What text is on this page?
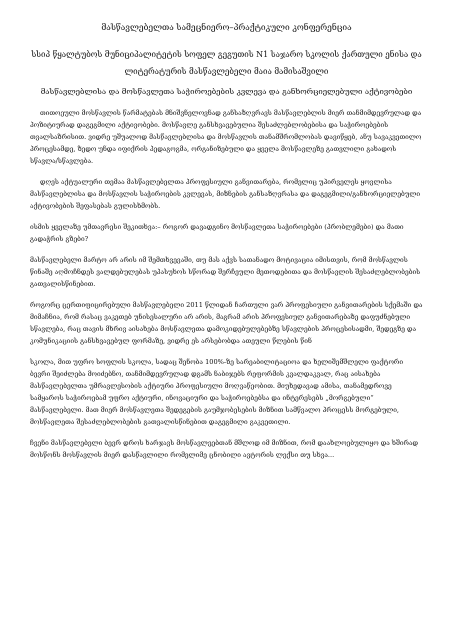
მასწავლებელთა სამეცნიერო–პრაქტიკული კონფერენცია
სსიპ წყალტუბოს მუნიციპალიტეტის სოფელ გეგუთის N1 საჯარო სკოლის ქართული ენისა და ლიტერატურის მასწავლებელი მაია მამისაშვილი
მასწავლებლისა და მოსწავლეთა საჭიროებების კვლევა და განხორციელებული აქტივობები

თითოეული მოსწავლის წარმატებას მნიშვნელოვნად განსაზღვრავს მასწავლებლის მიერ თანმიმდევრულად და პოზიტიურად დაგეგმილი აქტივობები. მოსწავლე განსხვავებულია შესაძლებლობებისა და საჭიროებების თვალსაზრისით. ვიდრე უშუალოდ მასწავლებლისა და მოსწავლის თანამშრომლობას დავიწყებ, ანუ სავაკვეთილო პროცესამდე, ზედო უნდა იფიქრის პედაგოგმა, ორგანიზებული და ყველა მოსწავლეზე გათვლილი გახადოს სწავლა/სწავლება.

დღეს აქტუალური თემაა მასწავლებელთა პროფესიული განვითარება, რომელიც უპირველეს ყოვლისა მასწავლებლისა და მოსწავლის საჭიროების კვლევას, მიზნების განსაზღვრასა და დაგეგმილი/განხორციელებული აქტივობების შეფასებას გულისხმობს.

ისმის ყველაზე უმთავრესი შეკითხვა:– როგორ დავადგინო მოსწავლეთა საჭიროებები (პრობლემები) და მათი გადაჭრის გზები?

მასწავლებელი მარტო არ არის იმ შემთხვევაში, თუ მას აქვს სათანადო მოტივაცია იმისთვის, რომ მოსწავლის წინაშე აღმოჩნდეს ვალდებულებას უპასუხოს სწორად შერჩეული მეთოდებითა და მოსწავლის შესაძლებლობების გათვალისწინებით.

როგორც ცერთიფიცირებული მასწავლებელი 2011 წლიდან ჩართული ვარ პროფესიული განვითარების სქემაში და მიმაჩნია, რომ რასაც ვაკეთებ უნისესალური არ არის, მაგრამ არის პროფესიულ განვითარებაზე დაფუძნებული სწავლება, რაც თავის მხრივ აისახება მოსწავლეთა დამოკიდებულებებზე სწავლების პროცესისადმი, შედეგზე და კომუნიკაციის განსხვავებულ ფორმაზე, ვიდრე ეს არსებობდა ათეული წლების წინ

სკოლა, მით უფრო სოფლის სკოლა, სადაც შენობა 100%-ზე სარეაბილიტაციოა და ხელიშემშლელი ფაქტორი ბევრი შეიძლება მოიძებნო, თანმიმდევრულად დგამს ნაბიჯებს რეფორმის კვალდაკვალ, რაც აისახება მასწავლებელთა უმრავლესობის აქტიური პროფესიული მოღვაწეობით. მიუხედავად ამისა, თანამედროვე სამყაროს საჭიროებამ უფრო აქტიური, ინოვაციური და საჭიროებებსა და ინტერესებს „მორგებული“ მასწავლებელი. მათ მიერ მოსწავლეთა შედეგების გაუმჯობესების მიზნით სამწვალო პროცესს მორგებული, მოსწავლეთა შესაძლებლობების გათვალისწინებით დაგეგმილი გაკვეთილი.

ჩვენი მასწავლებელი ბევრ დროს ხარჯავს მოსწავლეებთან მშლოდ იმ მიზნით, რომ დაახლოებულიყო და ხშირად მოსწონს მოსწავლის მიერ დასწავლილი რომელიმე ცნობილი ავტორის ლექსი თუ სხვა...
